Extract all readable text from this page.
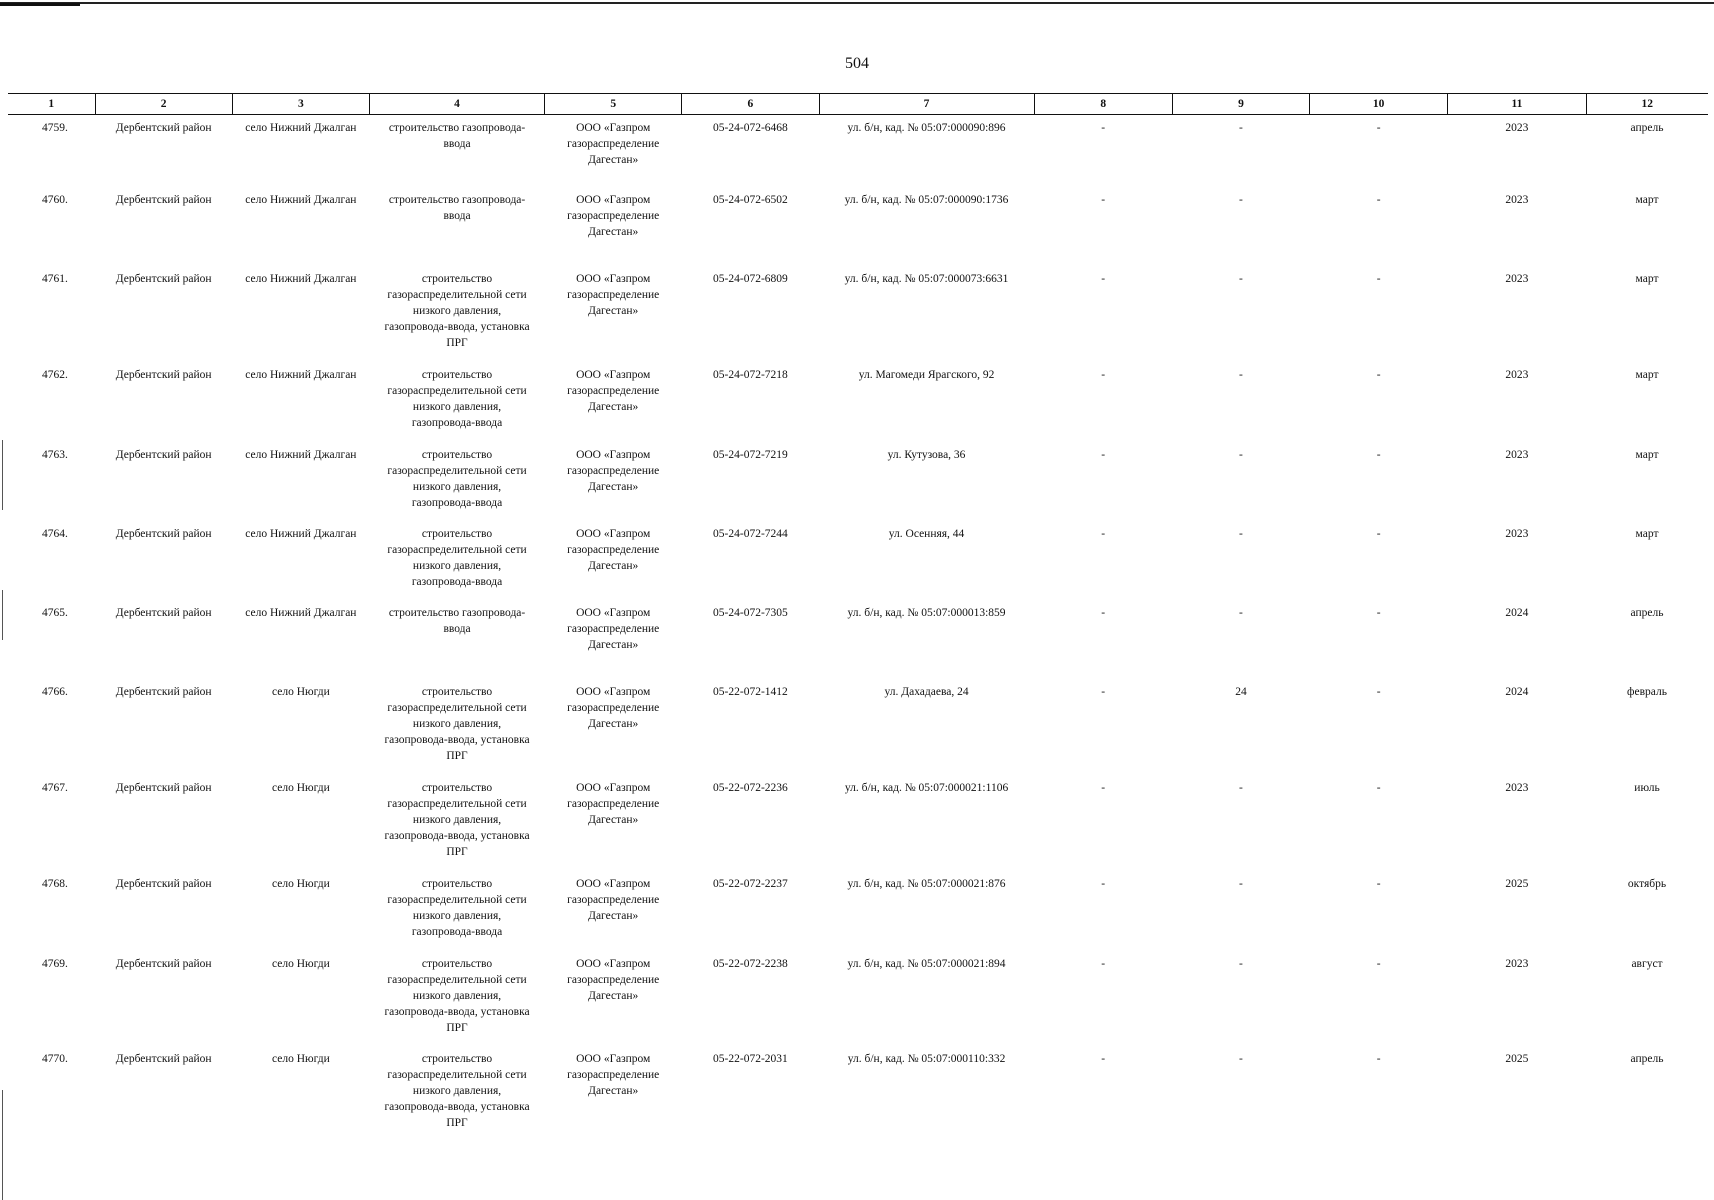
504
1	2	3	4	5	6	7	8	9	10	11	12
4759.	Дербентский район	село Нижний Джалган	строительство газопровода-
ввода	ООО «Газпром
газораспределение
Дагестан»	05-24-072-6468	ул. б/н, кад. № 05:07:000090:896	-	-	-	2023	апрель
4760.	Дербентский район	село Нижний Джалган	строительство газопровода-
ввода	ООО «Газпром
газораспределение
Дагестан»	05-24-072-6502	ул. б/н, кад. № 05:07:000090:1736	-	-	-	2023	март
4761.	Дербентский район	село Нижний Джалган	строительство
газораспределительной сети
низкого давления,
газопровода-ввода, установка
ПРГ	ООО «Газпром
газораспределение
Дагестан»	05-24-072-6809	ул. б/н, кад. № 05:07:000073:6631	-	-	-	2023	март
4762.	Дербентский район	село Нижний Джалган	строительство
газораспределительной сети
низкого давления,
газопровода-ввода	ООО «Газпром
газораспределение
Дагестан»	05-24-072-7218	ул. Магомеди Ярагского, 92	-	-	-	2023	март
4763.	Дербентский район	село Нижний Джалган	строительство
газораспределительной сети
низкого давления,
газопровода-ввода	ООО «Газпром
газораспределение
Дагестан»	05-24-072-7219	ул. Кутузова, 36	-	-	-	2023	март
4764.	Дербентский район	село Нижний Джалган	строительство
газораспределительной сети
низкого давления,
газопровода-ввода	ООО «Газпром
газораспределение
Дагестан»	05-24-072-7244	ул. Осенняя, 44	-	-	-	2023	март
4765.	Дербентский район	село Нижний Джалган	строительство газопровода-
ввода	ООО «Газпром
газораспределение
Дагестан»	05-24-072-7305	ул. б/н, кад. № 05:07:000013:859	-	-	-	2024	апрель
4766.	Дербентский район	село Нюгди	строительство
газораспределительной сети
низкого давления,
газопровода-ввода, установка
ПРГ	ООО «Газпром
газораспределение
Дагестан»	05-22-072-1412	ул. Дахадаева, 24	-	24	-	2024	февраль
4767.	Дербентский район	село Нюгди	строительство
газораспределительной сети
низкого давления,
газопровода-ввода, установка
ПРГ	ООО «Газпром
газораспределение
Дагестан»	05-22-072-2236	ул. б/н, кад. № 05:07:000021:1106	-	-	-	2023	июль
4768.	Дербентский район	село Нюгди	строительство
газораспределительной сети
низкого давления,
газопровода-ввода	ООО «Газпром
газораспределение
Дагестан»	05-22-072-2237	ул. б/н, кад. № 05:07:000021:876	-	-	-	2025	октябрь
4769.	Дербентский район	село Нюгди	строительство
газораспределительной сети
низкого давления,
газопровода-ввода, установка
ПРГ	ООО «Газпром
газораспределение
Дагестан»	05-22-072-2238	ул. б/н, кад. № 05:07:000021:894	-	-	-	2023	август
4770.	Дербентский район	село Нюгди	строительство
газораспределительной сети
низкого давления,
газопровода-ввода, установка
ПРГ	ООО «Газпром
газораспределение
Дагестан»	05-22-072-2031	ул. б/н, кад. № 05:07:000110:332	-	-	-	2025	апрель
